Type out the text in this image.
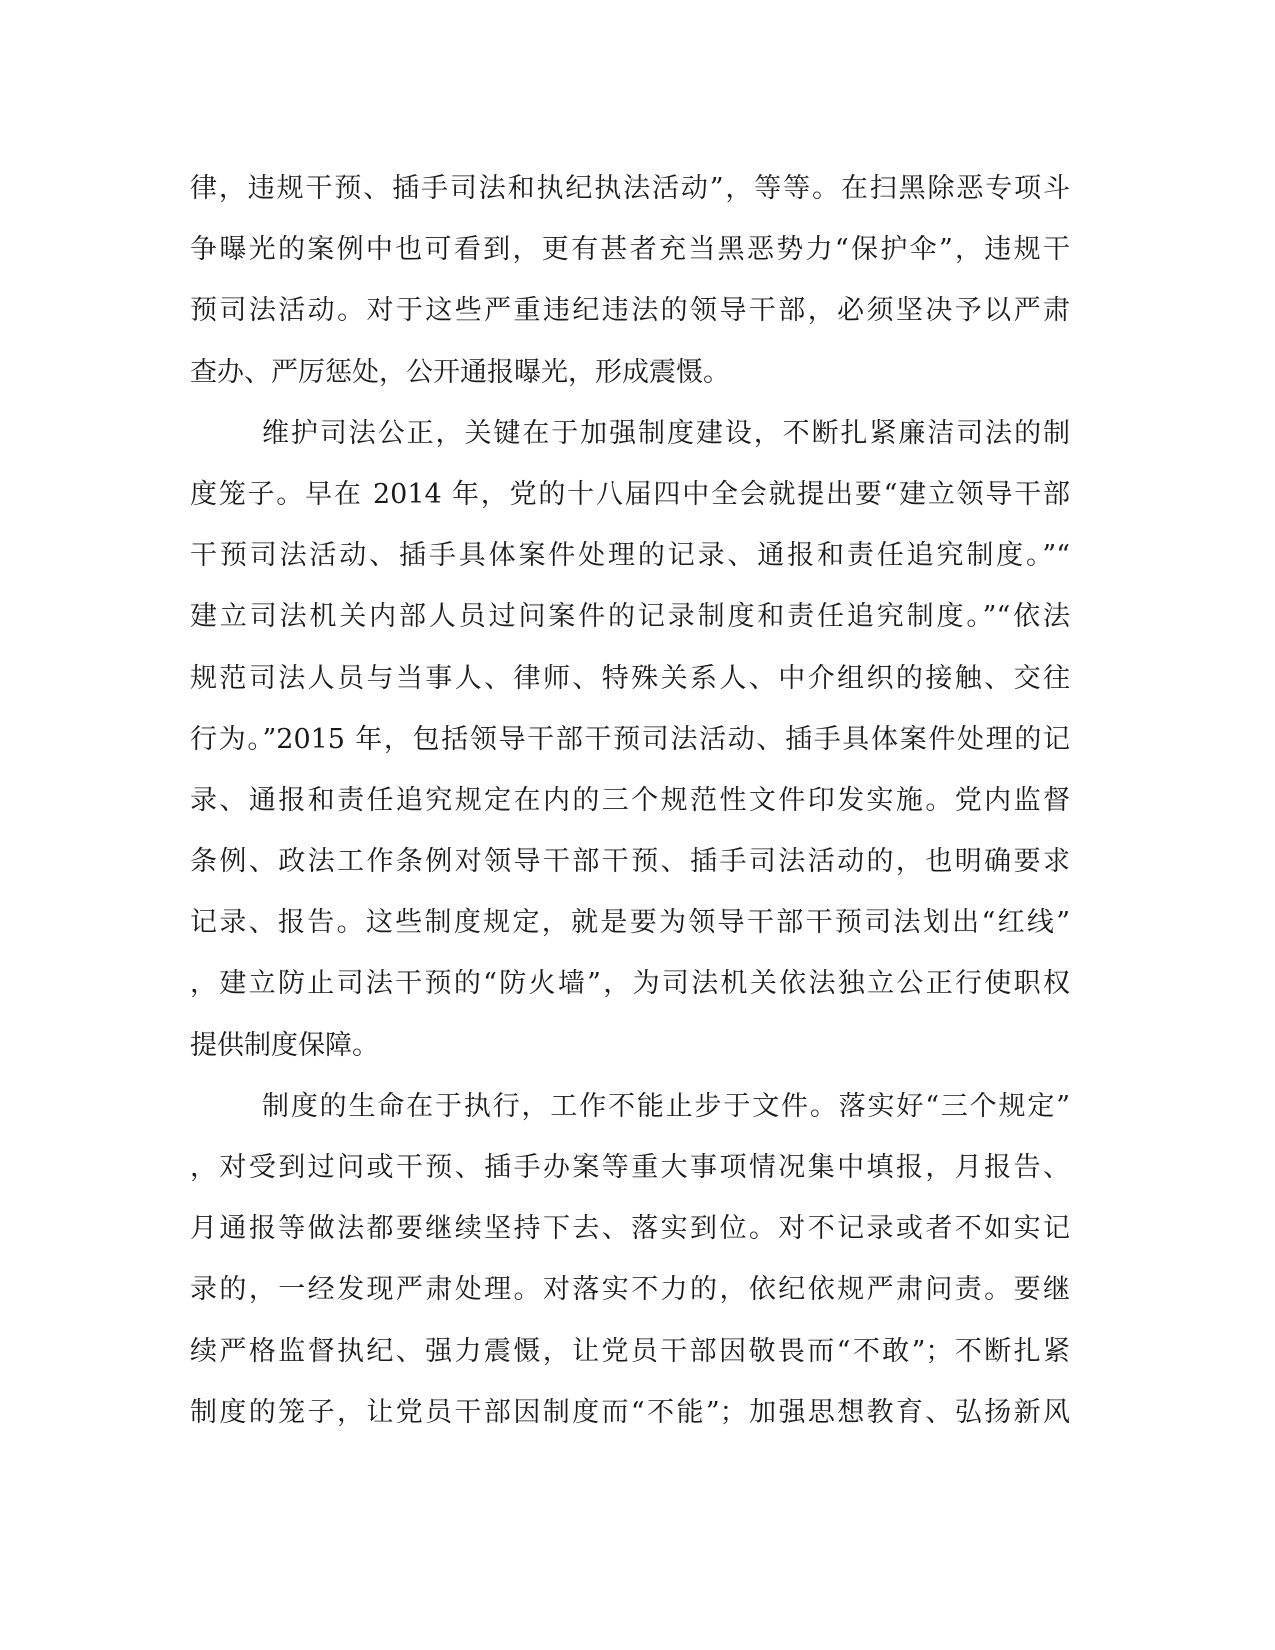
律，违规干预、插手司法和执纪执法活动”，等等。在扫黑除恶专项斗
争曝光的案例中也可看到，更有甚者充当黑恶势力“保护伞”，违规干
预司法活动。对于这些严重违纪违法的领导干部，必须坚决予以严肃
查办、严厉惩处，公开通报曝光，形成震慑。
维护司法公正，关键在于加强制度建设，不断扎紧廉洁司法的制
度笼子。早在 2014 年，党的十八届四中全会就提出要“建立领导干部
干预司法活动、插手具体案件处理的记录、通报和责任追究制度。”“
建立司法机关内部人员过问案件的记录制度和责任追究制度。”“依法
规范司法人员与当事人、律师、特殊关系人、中介组织的接触、交往
行为。”2015 年，包括领导干部干预司法活动、插手具体案件处理的记
录、通报和责任追究规定在内的三个规范性文件印发实施。党内监督
条例、政法工作条例对领导干部干预、插手司法活动的，也明确要求
记录、报告。这些制度规定，就是要为领导干部干预司法划出“红线”
，建立防止司法干预的“防火墙”，为司法机关依法独立公正行使职权
提供制度保障。
制度的生命在于执行，工作不能止步于文件。落实好“三个规定”
，对受到过问或干预、插手办案等重大事项情况集中填报，月报告、
月通报等做法都要继续坚持下去、落实到位。对不记录或者不如实记
录的，一经发现严肃处理。对落实不力的，依纪依规严肃问责。要继
续严格监督执纪、强力震慑，让党员干部因敬畏而“不敢”；不断扎紧
制度的笼子，让党员干部因制度而“不能”；加强思想教育、弘扬新风
